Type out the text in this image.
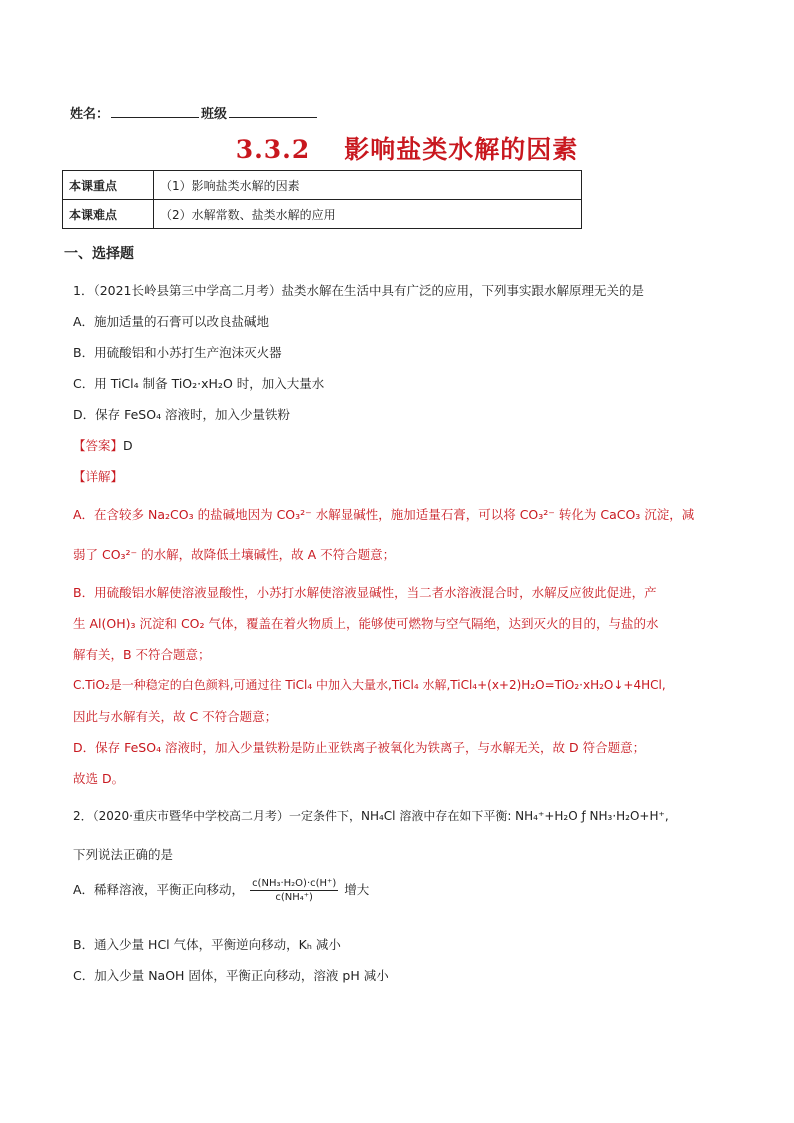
姓名：	班级
3.3.2 影响盐类水解的因素
本课重点	（1）影响盐类水解的因素
本课难点	（2）水解常数、盐类水解的应用
一、选择题
1．（2021长岭县第三中学高二月考）盐类水解在生活中具有广泛的应用，下列事实跟水解原理无关的是
A．施加适量的石膏可以改良盐碱地
B．用硫酸铝和小苏打生产泡沫灭火器
C．用 TiCl₄ 制备 TiO₂·xH₂O 时，加入大量水
D．保存 FeSO₄ 溶液时，加入少量铁粉
【答案】D
【详解】
A．在含较多 Na₂CO₃ 的盐碱地因为 CO₃²⁻ 水解显碱性，施加适量石膏，可以将 CO₃²⁻ 转化为 CaCO₃ 沉淀，减
弱了 CO₃²⁻ 的水解，故降低土壤碱性，故 A 不符合题意；
B．用硫酸铝水解使溶液显酸性，小苏打水解使溶液显碱性，当二者水溶液混合时，水解反应彼此促进，产
生 Al(OH)₃ 沉淀和 CO₂ 气体，覆盖在着火物质上，能够使可燃物与空气隔绝，达到灭火的目的，与盐的水
解有关，B 不符合题意；
C.TiO₂是一种稳定的白色颜料,可通过往 TiCl₄ 中加入大量水,TiCl₄ 水解,TiCl₄+(x+2)H₂O=TiO₂·xH₂O↓+4HCl,
因此与水解有关，故 C 不符合题意；
D．保存 FeSO₄ 溶液时，加入少量铁粉是防止亚铁离子被氧化为铁离子，与水解无关，故 D 符合题意；
故选 D。
2．（2020·重庆市暨华中学校高二月考）一定条件下，NH₄Cl 溶液中存在如下平衡: NH₄⁺+H₂O ƒ NH₃·H₂O+H⁺,
下列说法正确的是
A．稀释溶液，平衡正向移动， $\frac{\text{c(NH₃·H₂O)·c(H⁺)}}{\text{c(NH₄⁺)}}$ 增大
B．通入少量 HCl 气体，平衡逆向移动，Kₕ 减小
C．加入少量 NaOH 固体，平衡正向移动，溶液 pH 减小
